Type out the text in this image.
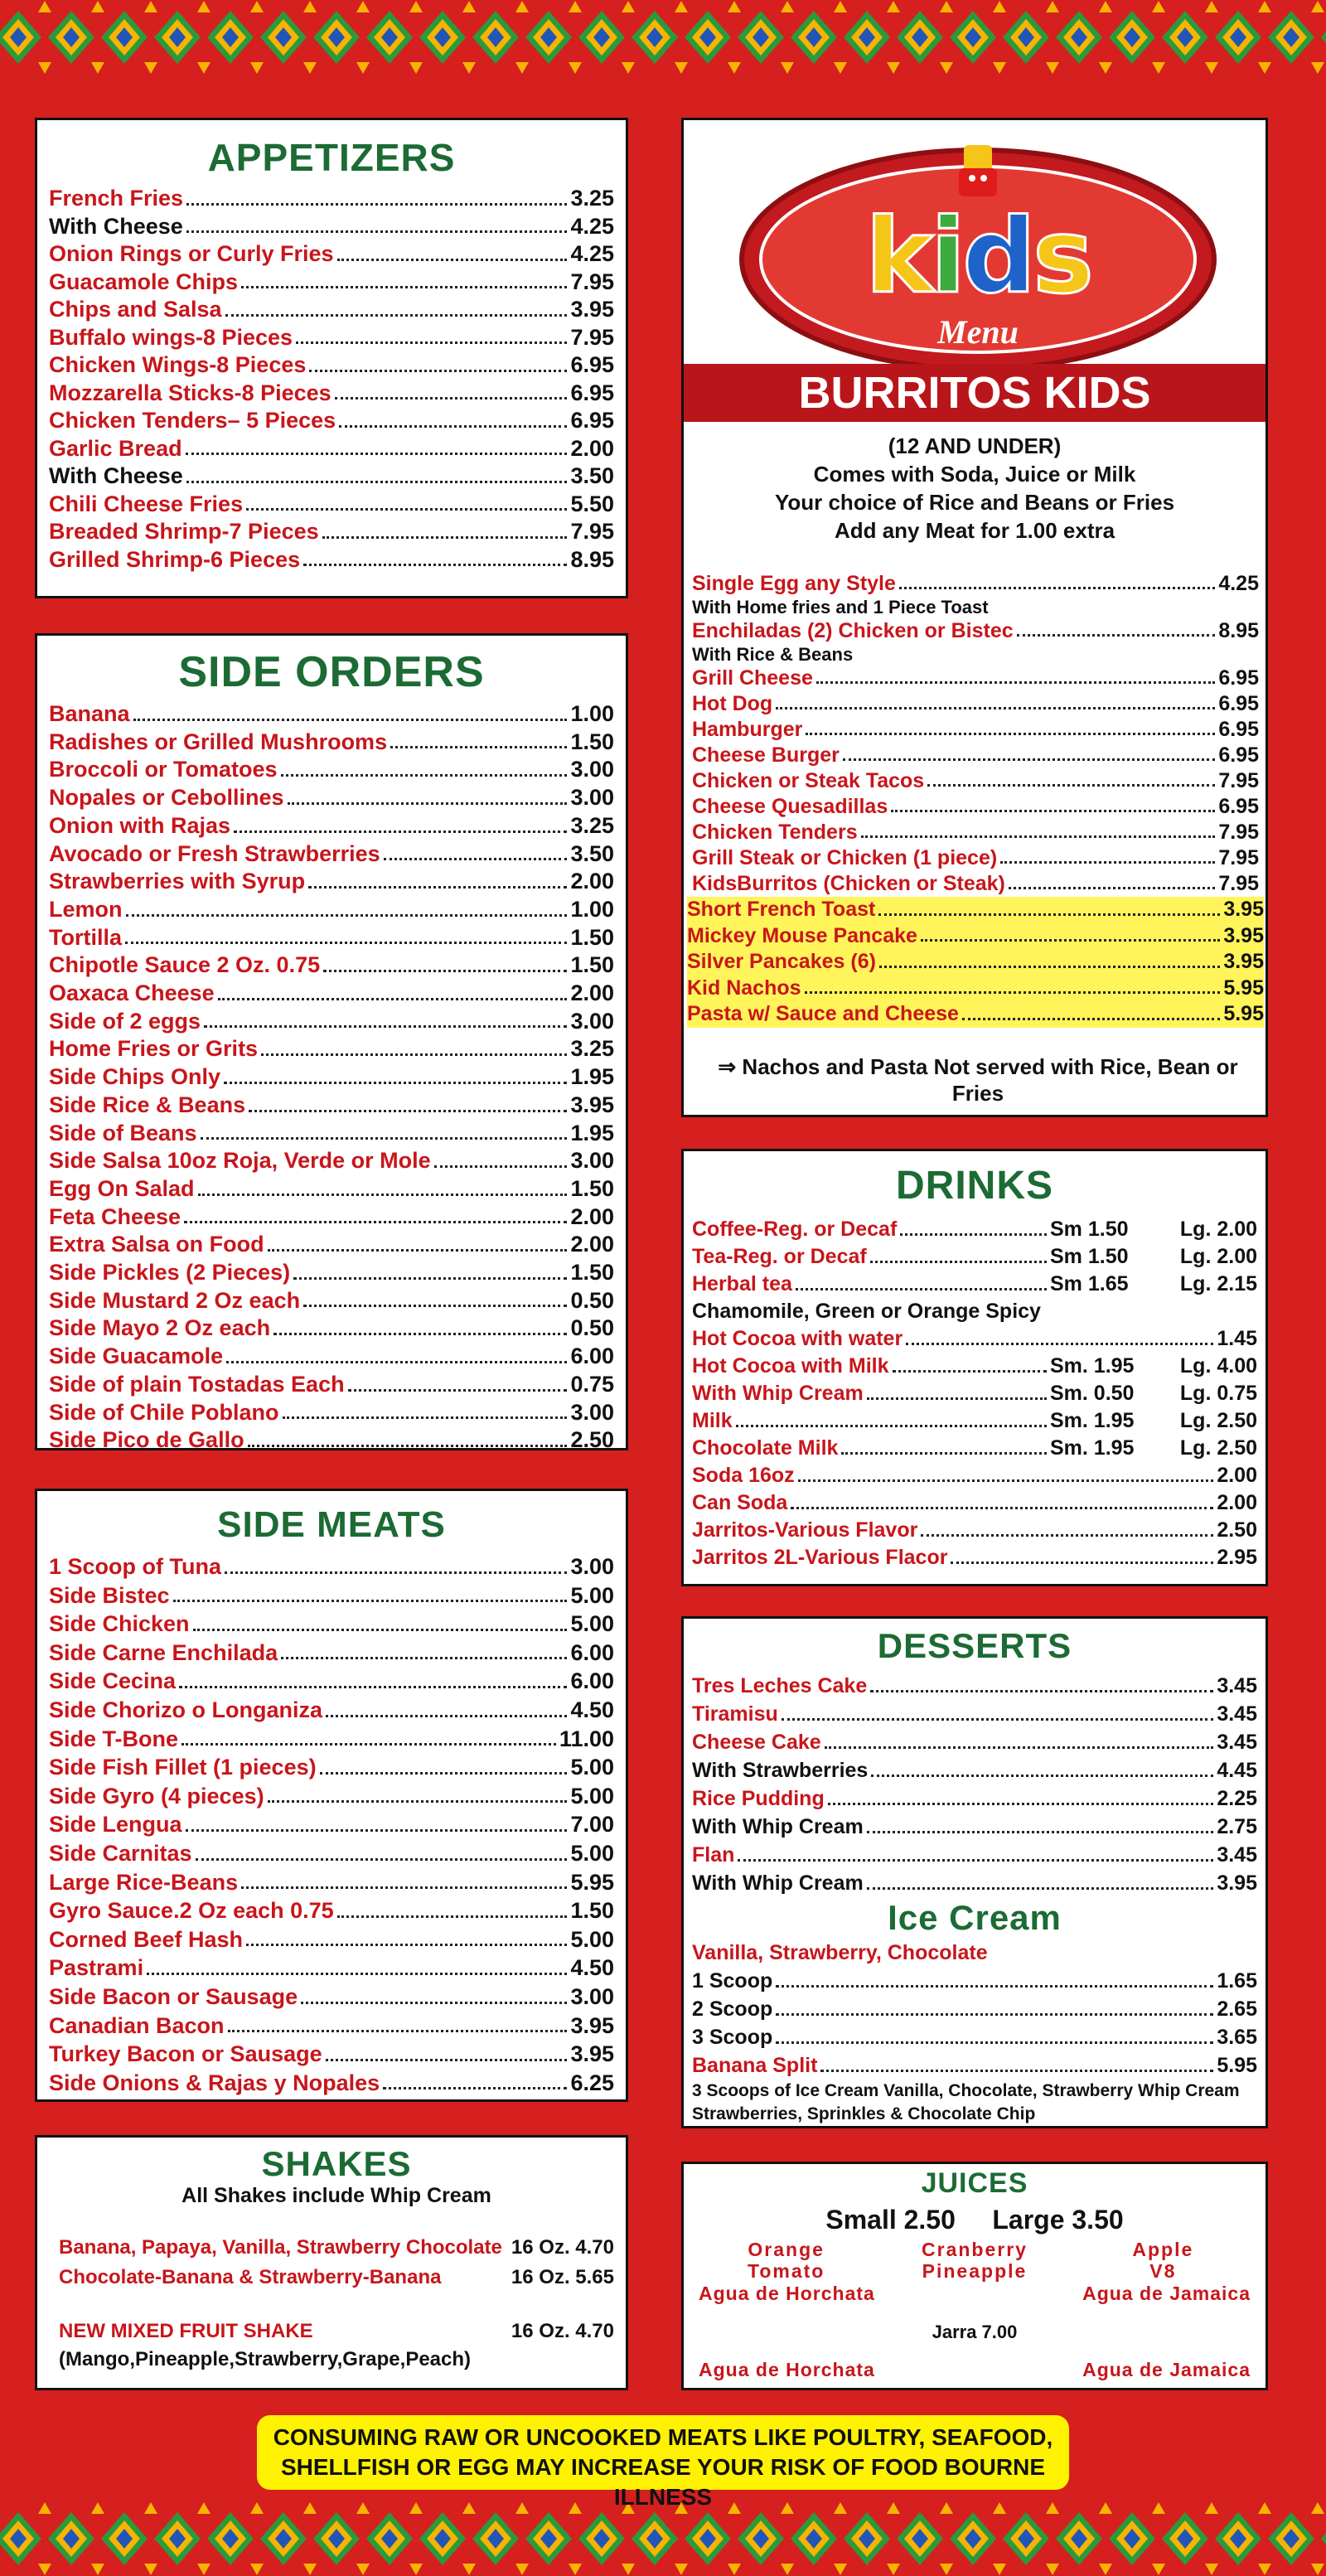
APPETIZERS
French Fries	3.25
With Cheese	4.25
Onion Rings or Curly Fries	4.25
Guacamole Chips	7.95
Chips and Salsa	3.95
Buffalo wings-8 Pieces	7.95
Chicken Wings-8 Pieces	6.95
Mozzarella Sticks-8 Pieces	6.95
Chicken Tenders– 5 Pieces	6.95
Garlic Bread	2.00
With Cheese	3.50
Chili Cheese Fries	5.50
Breaded Shrimp-7 Pieces	7.95
Grilled Shrimp-6 Pieces	8.95
SIDE ORDERS
Banana	1.00
Radishes or Grilled Mushrooms	1.50
Broccoli or Tomatoes	3.00
Nopales or Cebollines	3.00
Onion with Rajas	3.25
Avocado or Fresh Strawberries	3.50
Strawberries with Syrup	2.00
Lemon	1.00
Tortilla	1.50
Chipotle Sauce 2 Oz. 0.75	1.50
Oaxaca Cheese	2.00
Side of 2 eggs	3.00
Home Fries or Grits	3.25
Side Chips Only	1.95
Side Rice & Beans	3.95
Side of Beans	1.95
Side Salsa 10oz Roja, Verde or Mole	3.00
Egg On Salad	1.50
Feta Cheese	2.00
Extra Salsa on Food	2.00
Side Pickles (2 Pieces)	1.50
Side Mustard 2 Oz each	0.50
Side Mayo 2 Oz each	0.50
Side Guacamole	6.00
Side of plain Tostadas Each	0.75
Side of Chile Poblano	3.00
Side Pico de Gallo	2.50
SIDE MEATS
1 Scoop of Tuna	3.00
Side Bistec	5.00
Side Chicken	5.00
Side Carne Enchilada	6.00
Side Cecina	6.00
Side Chorizo o Longaniza	4.50
Side T-Bone	11.00
Side Fish Fillet (1 pieces)	5.00
Side Gyro (4 pieces)	5.00
Side Lengua	7.00
Side Carnitas	5.00
Large Rice-Beans	5.95
Gyro Sauce.2 Oz each 0.75	1.50
Corned Beef Hash	5.00
Pastrami	4.50
Side Bacon or Sausage	3.00
Canadian Bacon	3.95
Turkey Bacon or Sausage	3.95
Side Onions & Rajas y Nopales	6.25
SHAKES
All Shakes include Whip Cream
Banana, Papaya, Vanilla, Strawberry Chocolate 16 Oz. 4.70
Chocolate-Banana & Strawberry-Banana	16 Oz. 5.65
NEW MIXED FRUIT SHAKE	16 Oz. 4.70
(Mango,Pineapple,Strawberry,Grape,Peach)
kids
Menu
BURRITOS KIDS
(12 AND UNDER)
Comes with Soda, Juice or Milk
Your choice of Rice and Beans or Fries
Add any Meat for 1.00 extra
Single Egg any Style	4.25
With Home fries and 1 Piece Toast
Enchiladas (2) Chicken or Bistec	8.95
With Rice & Beans
Grill Cheese	6.95
Hot Dog	6.95
Hamburger	6.95
Cheese Burger	6.95
Chicken or Steak Tacos	7.95
Cheese Quesadillas	6.95
Chicken Tenders	7.95
Grill Steak or Chicken (1 piece)	7.95
KidsBurritos (Chicken or Steak)	7.95
Short French Toast	3.95
Mickey Mouse Pancake	3.95
Silver Pancakes (6)	3.95
Kid Nachos	5.95
Pasta w/ Sauce and Cheese	5.95
⇒ Nachos and Pasta Not served with Rice, Bean or Fries
DRINKS
Coffee-Reg. or Decaf	Sm 1.50	Lg. 2.00
Tea-Reg. or Decaf	Sm 1.50	Lg. 2.00
Herbal tea	Sm 1.65	Lg. 2.15
Chamomile, Green or Orange Spicy
Hot Cocoa with water	1.45
Hot Cocoa with Milk	Sm. 1.95	Lg. 4.00
With Whip Cream	Sm. 0.50	Lg. 0.75
Milk	Sm. 1.95	Lg. 2.50
Chocolate Milk	Sm. 1.95	Lg. 2.50
Soda 16oz	2.00
Can Soda	2.00
Jarritos-Various Flavor	2.50
Jarritos 2L-Various Flacor	2.95
DESSERTS
Tres Leches Cake	3.45
Tiramisu	3.45
Cheese Cake	3.45
With Strawberries	4.45
Rice Pudding	2.25
With Whip Cream	2.75
Flan	3.45
With Whip Cream	3.95
Ice Cream
Vanilla, Strawberry, Chocolate
1 Scoop	1.65
2 Scoop	2.65
3 Scoop	3.65
Banana Split	5.95
3 Scoops of Ice Cream Vanilla, Chocolate, Strawberry Whip Cream Strawberries, Sprinkles & Chocolate Chip
JUICES
Small 2.50     Large 3.50
Orange	Cranberry	Apple
Tomato	Pineapple	V8
Agua de Horchata	Agua de Jamaica
Jarra 7.00
Agua de Horchata	Agua de Jamaica
CONSUMING RAW OR UNCOOKED MEATS LIKE POULTRY, SEAFOOD,
SHELLFISH OR EGG MAY INCREASE YOUR RISK OF FOOD BOURNE ILLNESS
